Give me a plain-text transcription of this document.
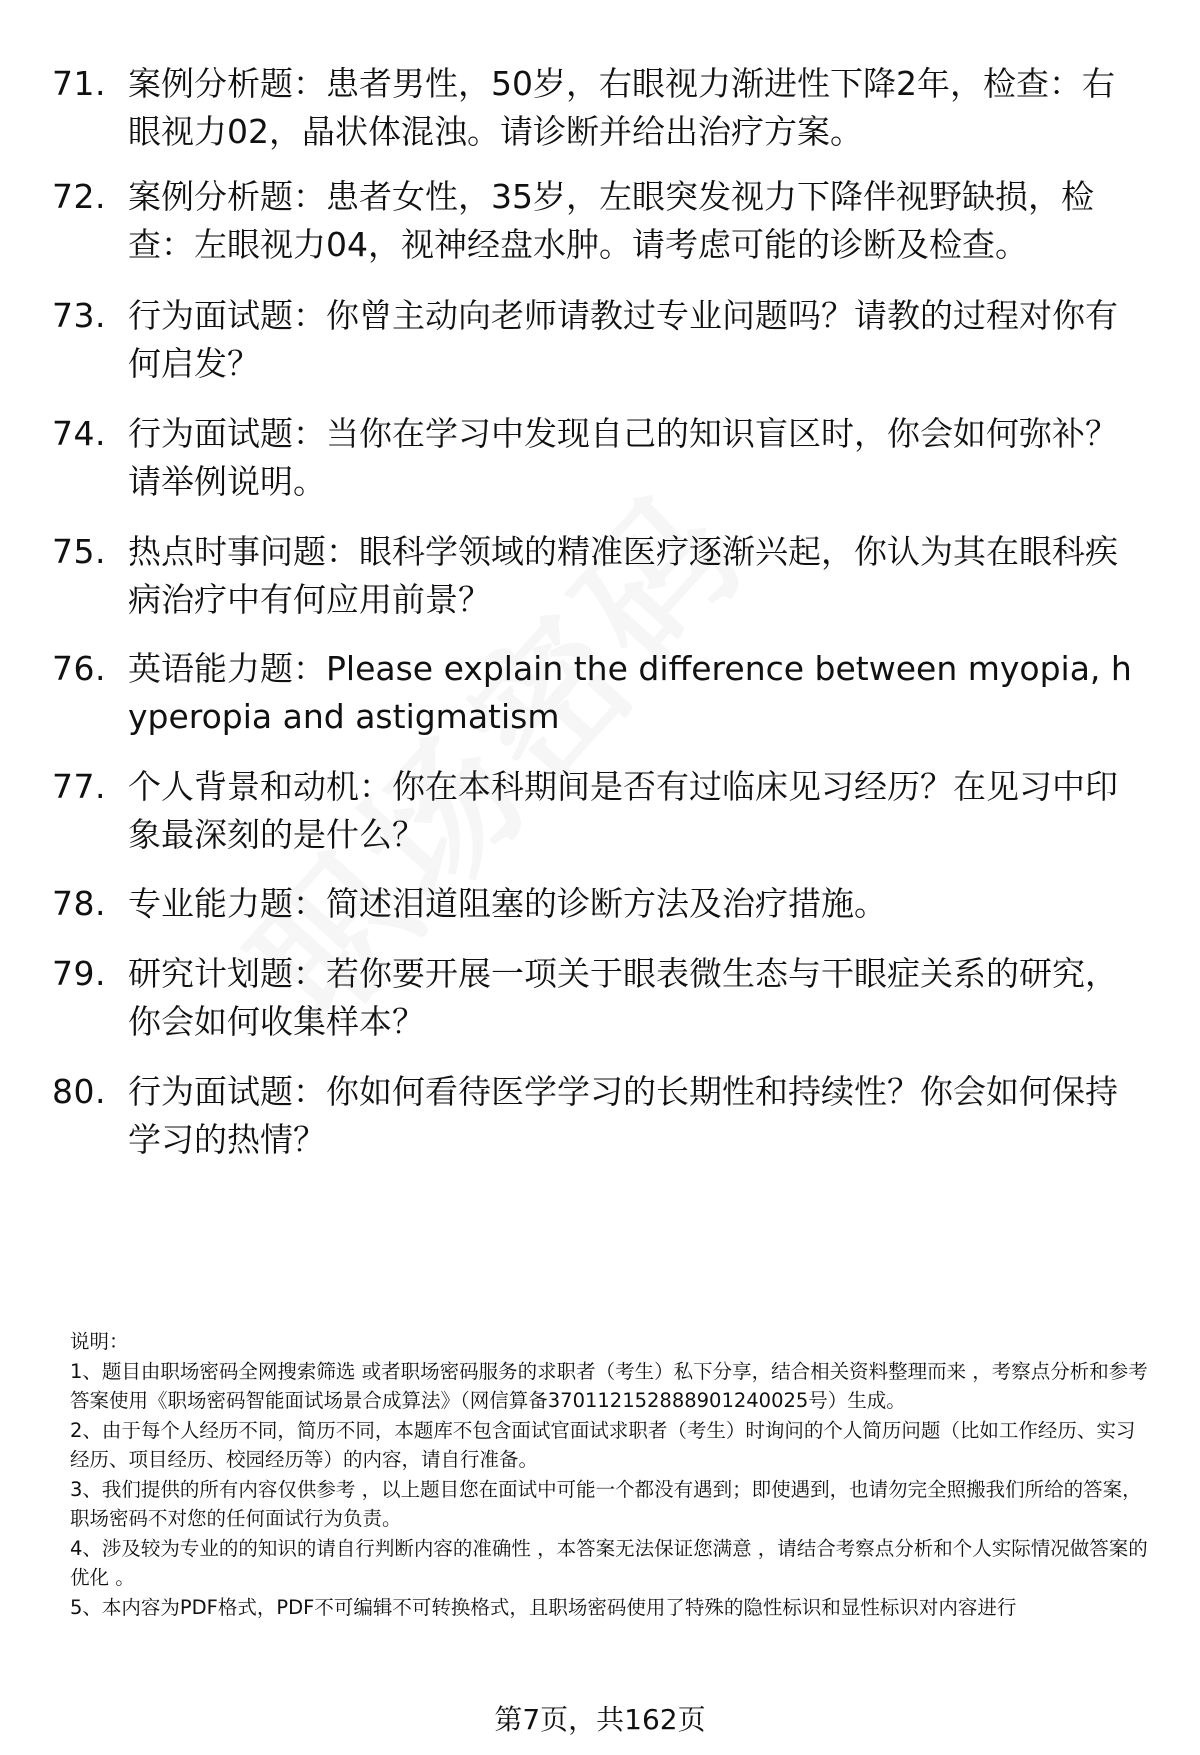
71. 案例分析题：患者男性，50岁，右眼视力渐进性下降2年，检查：右眼视力02，晶状体混浊。请诊断并给出治疗方案。
72. 案例分析题：患者女性，35岁，左眼突发视力下降伴视野缺损，检查：左眼视力04，视神经盘水肿。请考虑可能的诊断及检查。
73. 行为面试题：你曾主动向老师请教过专业问题吗？请教的过程对你有何启发？
74. 行为面试题：当你在学习中发现自己的知识盲区时，你会如何弥补？请举例说明。
75. 热点时事问题：眼科学领域的精准医疗逐渐兴起，你认为其在眼科疾病治疗中有何应用前景？
76. 英语能力题：Please explain the difference between myopia, hyperopia and astigmatism
77. 个人背景和动机：你在本科期间是否有过临床见习经历？在见习中印象最深刻的是什么？
78. 专业能力题：简述泪道阻塞的诊断方法及治疗措施。
79. 研究计划题：若你要开展一项关于眼表微生态与干眼症关系的研究，你会如何收集样本？
80. 行为面试题：你如何看待医学学习的长期性和持续性？你会如何保持学习的热情？

说明：

1、题目由职场密码全网搜索筛选 或者职场密码服务的求职者（考生）私下分享，结合相关资料整理而来 ，考察点分析和参考答案使用《职场密码智能面试场景合成算法》（网信算备370112152888901240025号）生成。

2、由于每个人经历不同，简历不同，本题库不包含面试官面试求职者（考生）时询问的个人简历问题（比如工作经历、实习经历、项目经历、校园经历等）的内容，请自行准备。

3、我们提供的所有内容仅供参考 ，以上题目您在面试中可能一个都没有遇到；即使遇到，也请勿完全照搬我们所给的答案，职场密码不对您的任何面试行为负责。

4、涉及较为专业的的知识的请自行判断内容的准确性 ，本答案无法保证您满意 ，请结合考察点分析和个人实际情况做答案的优化 。

5、本内容为PDF格式，PDF不可编辑不可转换格式，且职场密码使用了特殊的隐性标识和显性标识对内容进行

第7页，共162页
